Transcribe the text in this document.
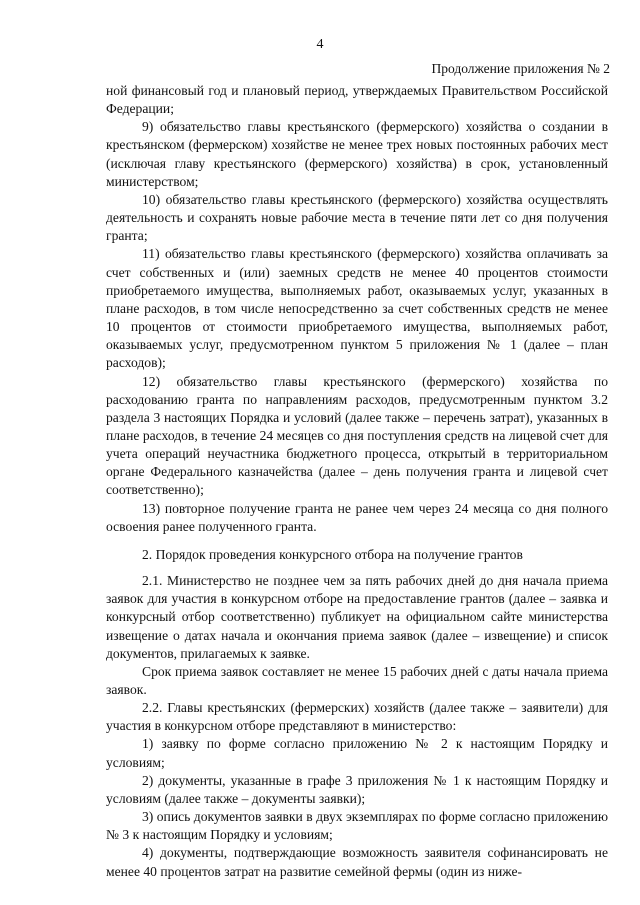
4
Продолжение приложения № 2

ной финансовый год и плановый период, утверждаемых Правительством Российской Федерации;

9) обязательство главы крестьянского (фермерского) хозяйства о создании в крестьянском (фермерском) хозяйстве не менее трех новых постоянных рабочих мест (исключая главу крестьянского (фермерского) хозяйства) в срок, установленный министерством;

10) обязательство главы крестьянского (фермерского) хозяйства осуществлять деятельность и сохранять новые рабочие места в течение пяти лет со дня получения гранта;

11) обязательство главы крестьянского (фермерского) хозяйства оплачивать за счет собственных и (или) заемных средств не менее 40 процентов стоимости приобретаемого имущества, выполняемых работ, оказываемых услуг, указанных в плане расходов, в том числе непосредственно за счет собственных средств не менее 10 процентов от стоимости приобретаемого имущества, выполняемых работ, оказываемых услуг, предусмотренном пунктом 5 приложения № 1 (далее – план расходов);

12) обязательство главы крестьянского (фермерского) хозяйства по расходованию гранта по направлениям расходов, предусмотренным пунктом 3.2 раздела 3 настоящих Порядка и условий (далее также – перечень затрат), указанных в плане расходов, в течение 24 месяцев со дня поступления средств на лицевой счет для учета операций неучастника бюджетного процесса, открытый в территориальном органе Федерального казначейства (далее – день получения гранта и лицевой счет соответственно);

13) повторное получение гранта не ранее чем через 24 месяца со дня полного освоения ранее полученного гранта.

2. Порядок проведения конкурсного отбора на получение грантов

2.1. Министерство не позднее чем за пять рабочих дней до дня начала приема заявок для участия в конкурсном отборе на предоставление грантов (далее – заявка и конкурсный отбор соответственно) публикует на официальном сайте министерства извещение о датах начала и окончания приема заявок (далее – извещение) и список документов, прилагаемых к заявке.

Срок приема заявок составляет не менее 15 рабочих дней с даты начала приема заявок.

2.2. Главы крестьянских (фермерских) хозяйств (далее также – заявители) для участия в конкурсном отборе представляют в министерство:

1) заявку по форме согласно приложению № 2 к настоящим Порядку и условиям;

2) документы, указанные в графе 3 приложения № 1 к настоящим Порядку и условиям (далее также – документы заявки);

3) опись документов заявки в двух экземплярах по форме согласно приложению № 3 к настоящим Порядку и условиям;

4) документы, подтверждающие возможность заявителя софинансировать не менее 40 процентов затрат на развитие семейной фермы (один из ниже-
